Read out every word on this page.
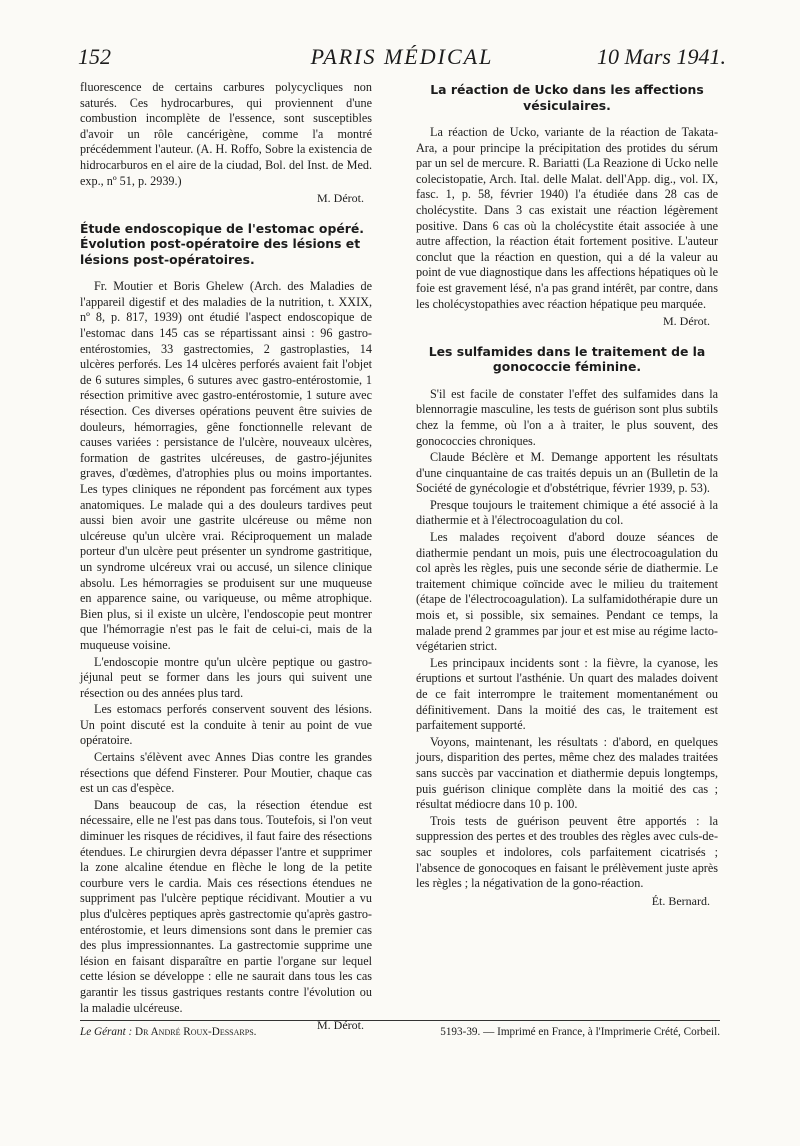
152	PARIS MÉDICAL	10 Mars 1941.

fluorescence de certains carbures polycycliques non saturés. Ces hydrocarbures, qui proviennent d'une combustion incomplète de l'essence, sont susceptibles d'avoir un rôle cancérigène, comme l'a montré précédemment l'auteur. (A. H. Roffo, Sobre la existencia de hidrocarburos en el aire de la ciudad, Bol. del Inst. de Med. exp., nº 51, p. 2939.)

M. Dérot.
Étude endoscopique de l'estomac opéré. Évolution post-opératoire des lésions et lésions post-opératoires.

Fr. Moutier et Boris Ghelew (Arch. des Maladies de l'appareil digestif et des maladies de la nutrition, t. XXIX, nº 8, p. 817, 1939) ont étudié l'aspect endoscopique de l'estomac dans 145 cas se répartissant ainsi : 96 gastro-entérostomies, 33 gastrectomies, 2 gastroplasties, 14 ulcères perforés. Les 14 ulcères perforés avaient fait l'objet de 6 sutures simples, 6 sutures avec gastro-entérostomie, 1 résection primitive avec gastro-entérostomie, 1 suture avec résection. Ces diverses opérations peuvent être suivies de douleurs, hémorragies, gêne fonctionnelle relevant de causes variées : persistance de l'ulcère, nouveaux ulcères, formation de gastrites ulcéreuses, de gastro-jéjunites graves, d'œdèmes, d'atrophies plus ou moins importantes. Les types cliniques ne répondent pas forcément aux types anatomiques. Le malade qui a des douleurs tardives peut aussi bien avoir une gastrite ulcéreuse ou même non ulcéreuse qu'un ulcère vrai. Réciproquement un malade porteur d'un ulcère peut présenter un syndrome gastritique, un syndrome ulcéreux vrai ou accusé, un silence clinique absolu. Les hémorragies se produisent sur une muqueuse en apparence saine, ou variqueuse, ou même atrophique. Bien plus, si il existe un ulcère, l'endoscopie peut montrer que l'hémorragie n'est pas le fait de celui-ci, mais de la muqueuse voisine.

L'endoscopie montre qu'un ulcère peptique ou gastro-jéjunal peut se former dans les jours qui suivent une résection ou des années plus tard.

Les estomacs perforés conservent souvent des lésions. Un point discuté est la conduite à tenir au point de vue opératoire.

Certains s'élèvent avec Annes Dias contre les grandes résections que défend Finsterer. Pour Moutier, chaque cas est un cas d'espèce.

Dans beaucoup de cas, la résection étendue est nécessaire, elle ne l'est pas dans tous. Toutefois, si l'on veut diminuer les risques de récidives, il faut faire des résections étendues. Le chirurgien devra dépasser l'antre et supprimer la zone alcaline étendue en flèche le long de la petite courbure vers le cardia. Mais ces résections étendues ne suppriment pas l'ulcère peptique récidivant. Moutier a vu plus d'ulcères peptiques après gastrectomie qu'après gastro-entérostomie, et leurs dimensions sont dans le premier cas des plus impressionnantes. La gastrectomie supprime une lésion en faisant disparaître en partie l'organe sur lequel cette lésion se développe : elle ne saurait dans tous les cas garantir les tissus gastriques restants contre l'évolution ou la maladie ulcéreuse.

M. Dérot.
La réaction de Ucko dans les affections vésiculaires.

La réaction de Ucko, variante de la réaction de Takata-Ara, a pour principe la précipitation des protides du sérum par un sel de mercure. R. Bariatti (La Reazione di Ucko nelle colecistopatie, Arch. Ital. delle Malat. dell'App. dig., vol. IX, fasc. 1, p. 58, février 1940) l'a étudiée dans 28 cas de cholécystite. Dans 3 cas existait une réaction légèrement positive. Dans 6 cas où la cholécystite était associée à une autre affection, la réaction était fortement positive. L'auteur conclut que la réaction en question, qui a dé la valeur au point de vue diagnostique dans les affections hépatiques où le foie est gravement lésé, n'a pas grand intérêt, par contre, dans les cholécystopathies avec réaction hépatique peu marquée.

M. Dérot.
Les sulfamides dans le traitement de la gonococcie féminine.

S'il est facile de constater l'effet des sulfamides dans la blennorragie masculine, les tests de guérison sont plus subtils chez la femme, où l'on a à traiter, le plus souvent, des gonococcies chroniques.

Claude Béclère et M. Demange apportent les résultats d'une cinquantaine de cas traités depuis un an (Bulletin de la Société de gynécologie et d'obstétrique, février 1939, p. 53).

Presque toujours le traitement chimique a été associé à la diathermie et à l'électrocoagulation du col.

Les malades reçoivent d'abord douze séances de diathermie pendant un mois, puis une électrocoagulation du col après les règles, puis une seconde série de diathermie. Le traitement chimique coïncide avec le milieu du traitement (étape de l'électrocoagulation). La sulfamidothérapie dure un mois et, si possible, six semaines. Pendant ce temps, la malade prend 2 grammes par jour et est mise au régime lacto-végétarien strict.

Les principaux incidents sont : la fièvre, la cyanose, les éruptions et surtout l'asthénie. Un quart des malades doivent de ce fait interrompre le traitement momentanément ou définitivement. Dans la moitié des cas, le traitement est parfaitement supporté.

Voyons, maintenant, les résultats : d'abord, en quelques jours, disparition des pertes, même chez des malades traitées sans succès par vaccination et diathermie depuis longtemps, puis guérison clinique complète dans la moitié des cas ; résultat médiocre dans 10 p. 100.

Trois tests de guérison peuvent être apportés : la suppression des pertes et des troubles des règles avec culs-de-sac souples et indolores, cols parfaitement cicatrisés ; l'absence de gonocoques en faisant le prélèvement juste après les règles ; la négativation de la gono-réaction.

Ét. Bernard.
Le Gérant : Dr André Roux-Dessarps.	5193-39. — Imprimé en France, à l'Imprimerie Crété, Corbeil.
